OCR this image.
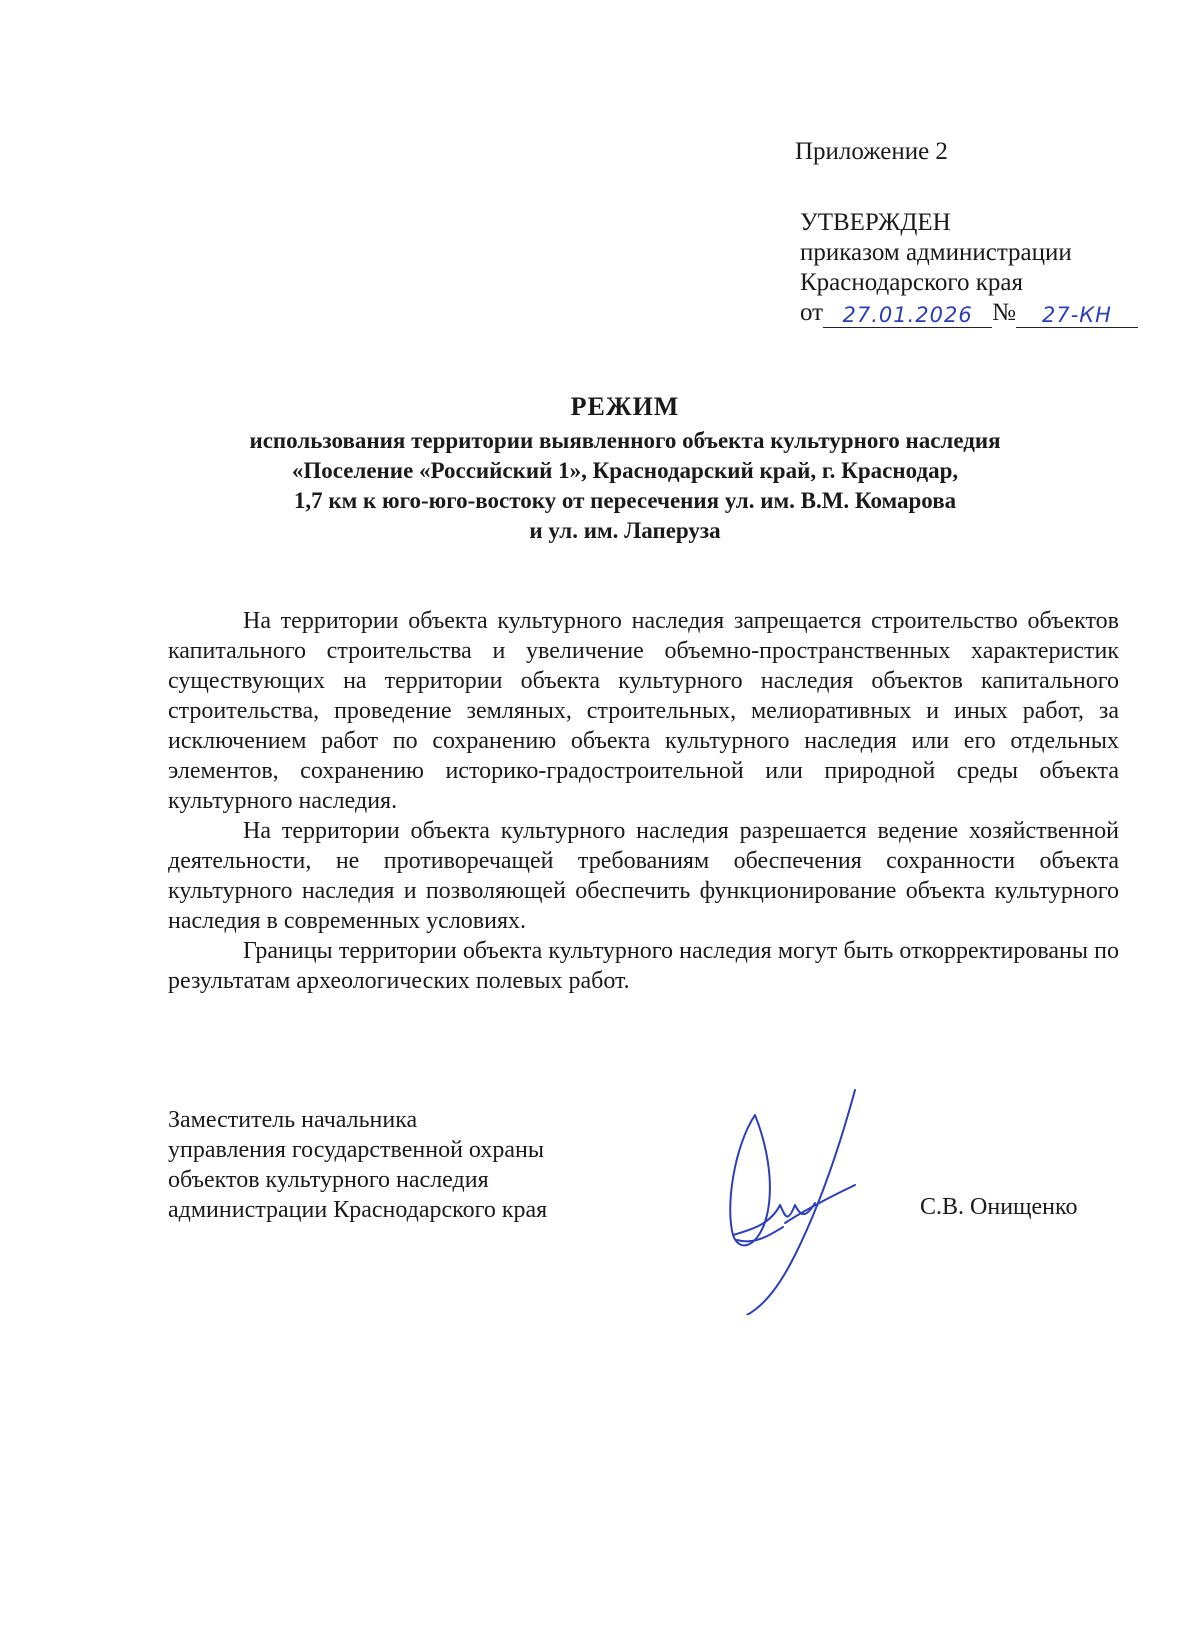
Приложение 2
УТВЕРЖДЕН
приказом администрации
Краснодарского края
от 27.01.2026 №	27-КН
РЕЖИМ
использования территории выявленного объекта культурного наследия
«Поселение «Российский 1», Краснодарский край, г. Краснодар,
1,7 км к юго-юго-востоку от пересечения ул. им. В.М. Комарова
и ул. им. Лаперуза

На территории объекта культурного наследия запрещается строительство объектов капитального строительства и увеличение объемно-пространственных характеристик существующих на территории объекта культурного наследия объектов капитального строительства, проведение земляных, строительных, мелиоративных и иных работ, за исключением работ по сохранению объекта культурного наследия или его отдельных элементов, сохранению историко-градостроительной или природной среды объекта культурного наследия.

На территории объекта культурного наследия разрешается ведение хозяйственной деятельности, не противоречащей требованиям обеспечения сохранности объекта культурного наследия и позволяющей обеспечить функционирование объекта культурного наследия в современных условиях.

Границы территории объекта культурного наследия могут быть откорректированы по результатам археологических полевых работ.

Заместитель начальника
управления государственной охраны
объектов культурного наследия
администрации Краснодарского края	С.В. Онищенко
